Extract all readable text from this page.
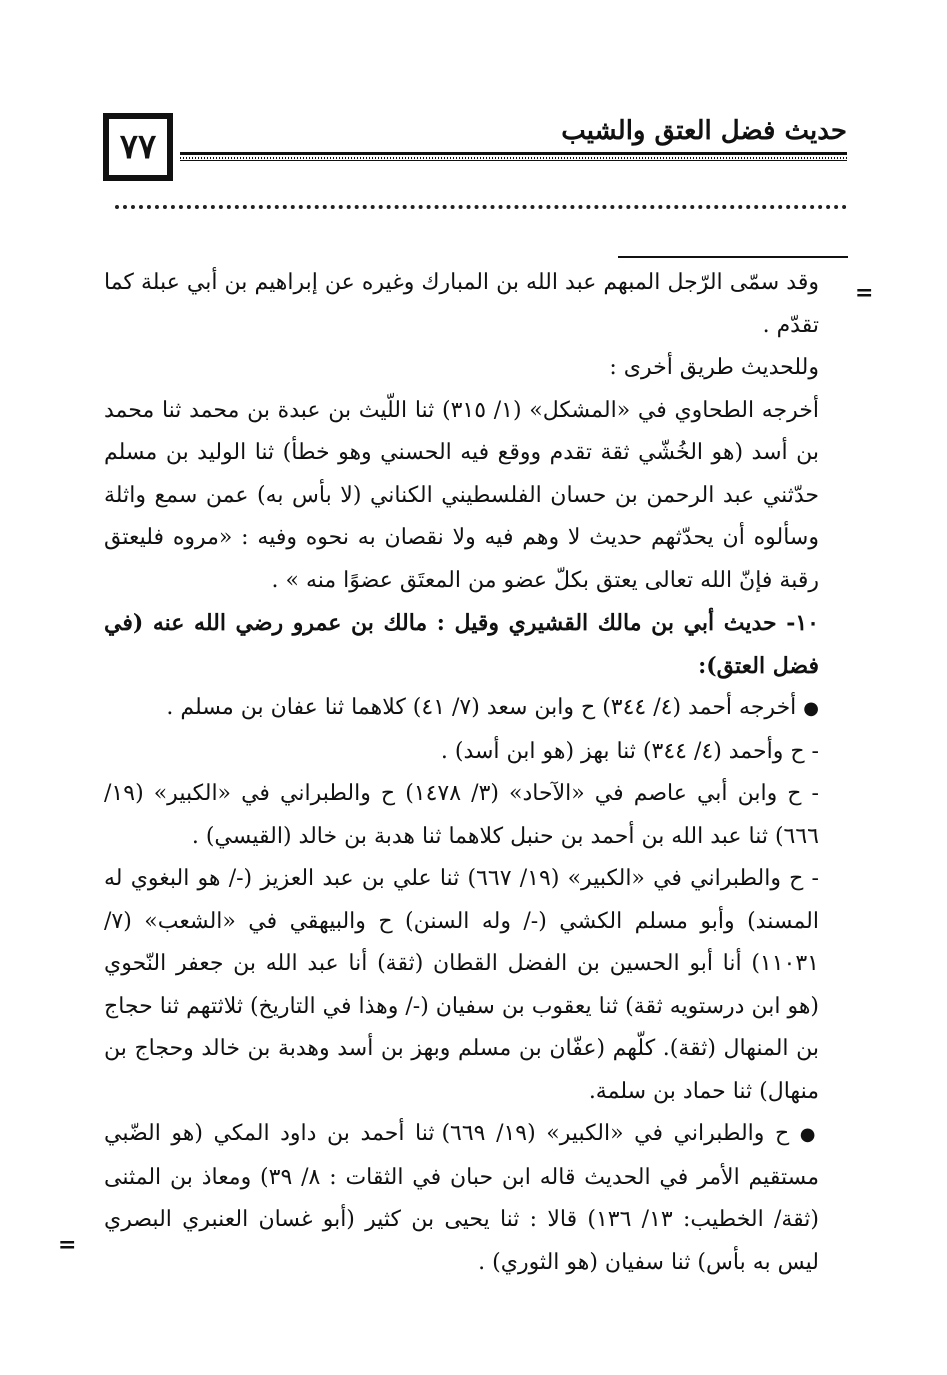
٧٧	حديث فضل العتق والشيب
=
=

وقد سمّى الرّجل المبهم عبد الله بن المبارك وغيره عن إبراهيم بن أبي عبلة كما تقدّم .

وللحديث طريق أخرى :

أخرجه الطحاوي في «المشكل» (١/ ٣١٥) ثنا اللّيث بن عبدة بن محمد ثنا محمد بن أسد (هو الخُشّي ثقة تقدم ووقع فيه الحسني وهو خطأ) ثنا الوليد بن مسلم حدّثني عبد الرحمن بن حسان الفلسطيني الكناني (لا بأس به) عمن سمع واثلة وسألوه أن يحدّثهم حديث لا وهم فيه ولا نقصان به نحوه وفيه : «مروه فليعتق رقبة فإنّ الله تعالى يعتق بكلّ عضو من المعتَق عضوًا منه » .

١٠- حديث أبي بن مالك القشيري وقيل : مالك بن عمرو رضي الله عنه (في فضل العتق):

● أخرجه أحمد (٤/ ٣٤٤) ح وابن سعد (٧/ ٤١) كلاهما ثنا عفان بن مسلم .

- ح وأحمد (٤/ ٣٤٤) ثنا بهز (هو ابن أسد) .

- ح وابن أبي عاصم في «الآحاد» (٣/ ١٤٧٨) ح والطبراني في «الكبير» (١٩/ ٦٦٦) ثنا عبد الله بن أحمد بن حنبل كلاهما ثنا هدبة بن خالد (القيسي) .

- ح والطبراني في «الكبير» (١٩/ ٦٦٧) ثنا علي بن عبد العزيز (-/ هو البغوي له المسند) وأبو مسلم الكشي (-/ وله السنن) ح والبيهقي في «الشعب» (٧/ ١١٠٣١) أنا أبو الحسين بن الفضل القطان (ثقة) أنا عبد الله بن جعفر النّحوي (هو ابن درستويه ثقة) ثنا يعقوب بن سفيان (-/ وهذا في التاريخ) ثلاثتهم ثنا حجاج بن المنهال (ثقة). كلّهم (عفّان بن مسلم وبهز بن أسد وهدبة بن خالد وحجاج بن منهال) ثنا حماد بن سلمة.

● ح والطبراني في «الكبير» (١٩/ ٦٦٩) ثنا أحمد بن داود المكي (هو الضّبي مستقيم الأمر في الحديث قاله ابن حبان في الثقات : ٨/ ٣٩) ومعاذ بن المثنى (ثقة/ الخطيب: ١٣/ ١٣٦) قالا : ثنا يحيى بن كثير (أبو غسان العنبري البصري ليس به بأس) ثنا سفيان (هو الثوري) .
